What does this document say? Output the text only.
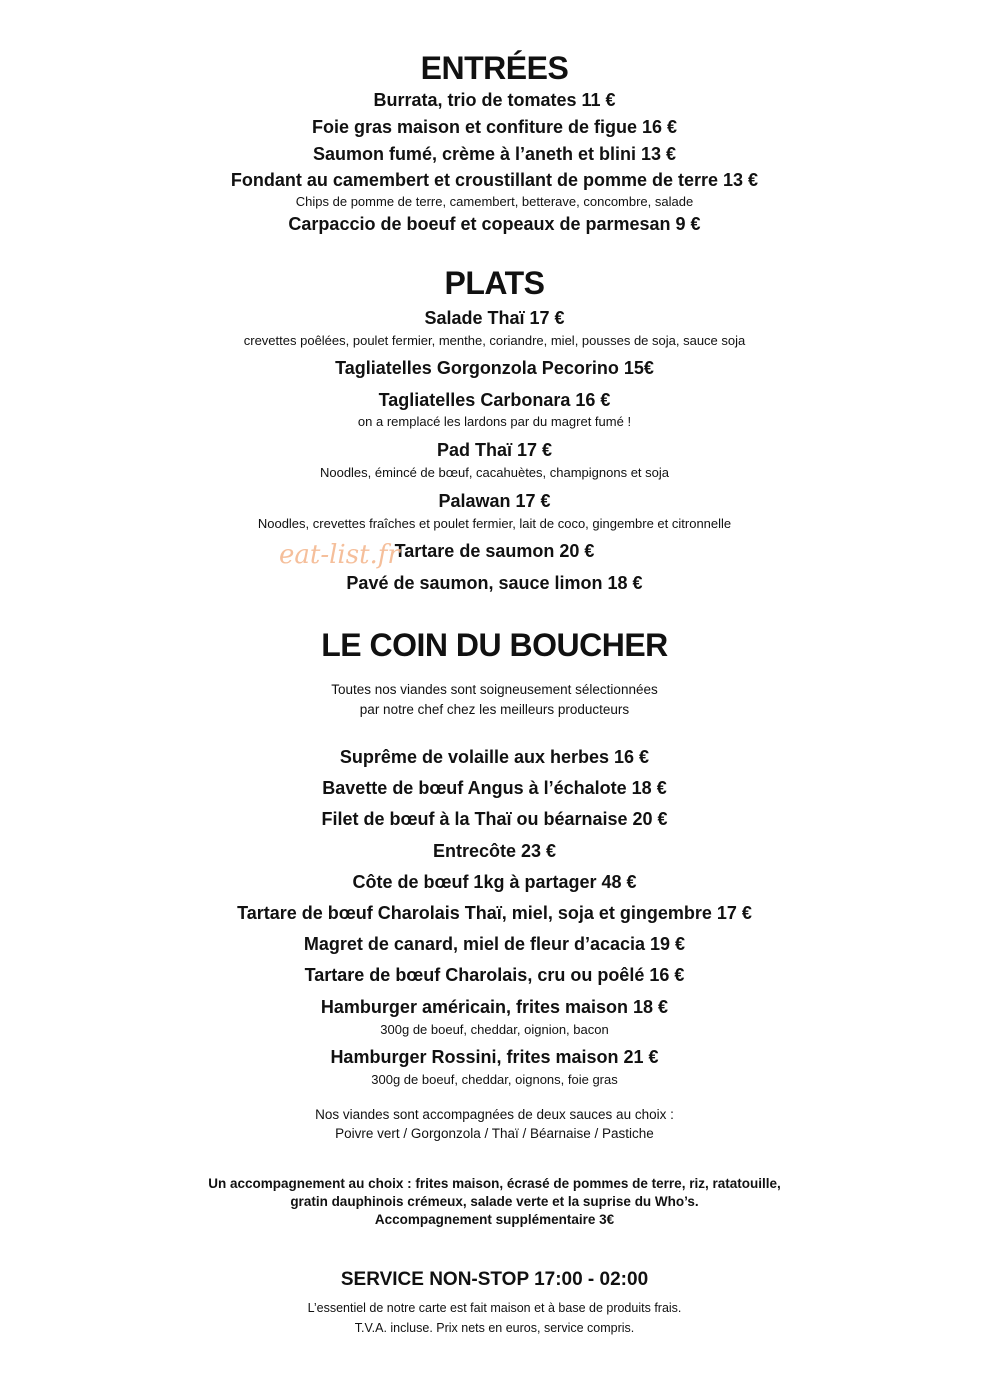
ENTRÉES
Burrata, trio de tomates 11 €
Foie gras maison et confiture de figue 16 €
Saumon fumé, crème à l’aneth et blini 13 €
Fondant au camembert et croustillant de pomme de terre 13 €
Chips de pomme de terre, camembert, betterave, concombre, salade
Carpaccio de boeuf et copeaux de parmesan 9 €
PLATS
Salade Thaï 17 €
crevettes poêlées, poulet fermier, menthe, coriandre, miel, pousses de soja, sauce soja
Tagliatelles Gorgonzola Pecorino 15€
Tagliatelles Carbonara 16 €
on a remplacé les lardons par du magret fumé !
Pad Thaï 17 €
Noodles, émincé de bœuf, cacahuètes, champignons et soja
Palawan 17 €
Noodles, crevettes fraîches et poulet fermier, lait de coco, gingembre et citronnelle
Tartare de saumon 20 €
Pavé de saumon, sauce limon 18 €
LE COIN DU BOUCHER
Toutes nos viandes sont soigneusement sélectionnées
par notre chef chez les meilleurs producteurs
Suprême de volaille aux herbes 16 €
Bavette de bœuf Angus à l’échalote 18 €
Filet de bœuf à la Thaï ou béarnaise 20 €
Entrecôte 23 €
Côte de bœuf 1kg à partager 48 €
Tartare de bœuf Charolais Thaï, miel, soja et gingembre 17 €
Magret de canard, miel de fleur d’acacia 19 €
Tartare de bœuf Charolais, cru ou poêlé 16 €
Hamburger américain, frites maison 18 €
300g de boeuf, cheddar, oignion, bacon
Hamburger Rossini, frites maison 21 €
300g de boeuf, cheddar, oignons, foie gras
Nos viandes sont accompagnées de deux sauces au choix :
Poivre vert / Gorgonzola / Thaï / Béarnaise / Pastiche
Un accompagnement au choix : frites maison, écrasé de pommes de terre, riz, ratatouille,
gratin dauphinois crémeux, salade verte et la suprise du Who’s.
Accompagnement supplémentaire 3€
SERVICE NON-STOP 17:00 - 02:00
L’essentiel de notre carte est fait maison et à base de produits frais.
T.V.A. incluse. Prix nets en euros, service compris.
eat-list.fr
